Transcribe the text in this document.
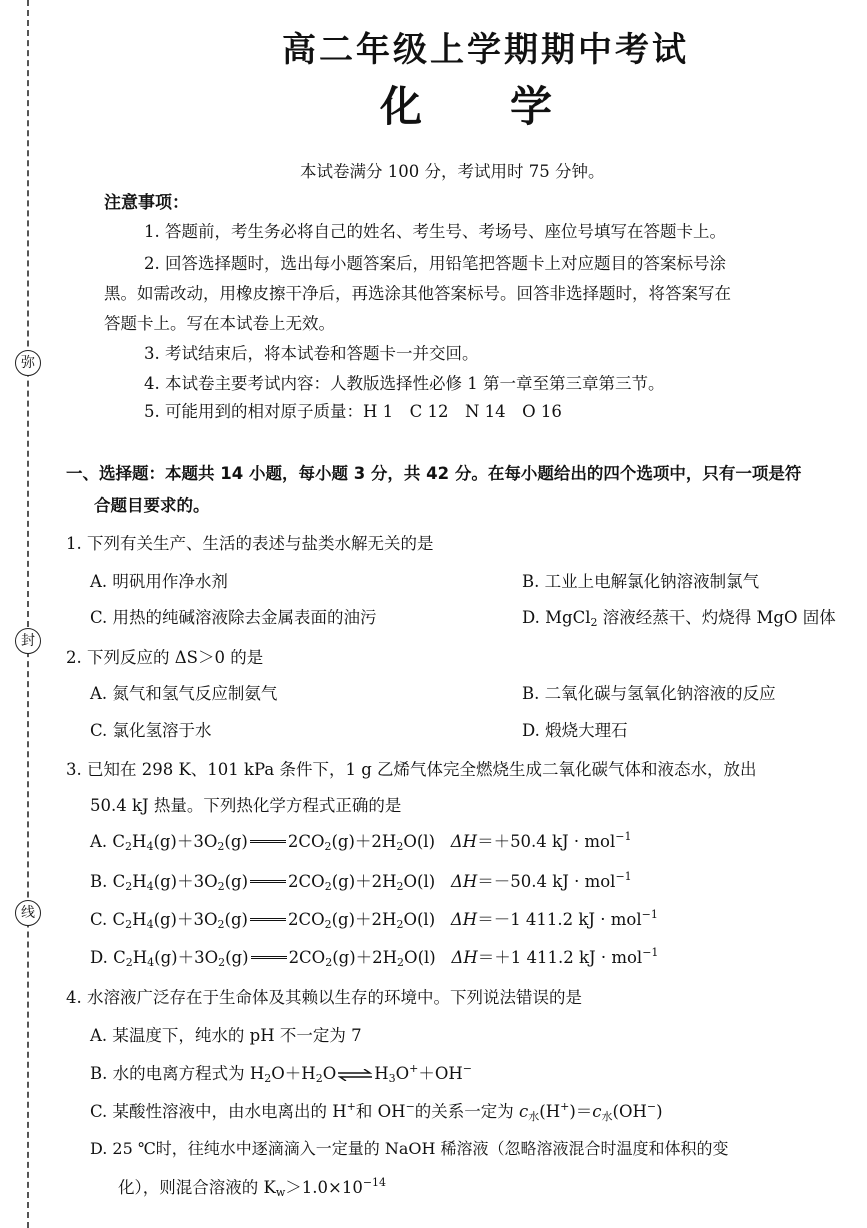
弥
封
线
高二年级上学期期中考试
化 学
本试卷满分 100 分，考试用时 75 分钟。
注意事项：
1. 答题前，考生务必将自己的姓名、考生号、考场号、座位号填写在答题卡上。
2. 回答选择题时，选出每小题答案后，用铅笔把答题卡上对应题目的答案标号涂
黑。如需改动，用橡皮擦干净后，再选涂其他答案标号。回答非选择题时，将答案写在
答题卡上。写在本试卷上无效。
3. 考试结束后，将本试卷和答题卡一并交回。
4. 本试卷主要考试内容：人教版选择性必修 1 第一章至第三章第三节。
5. 可能用到的相对原子质量：H 1　C 12　N 14　O 16
一、选择题：本题共 14 小题，每小题 3 分，共 42 分。在每小题给出的四个选项中，只有一项是符
合题目要求的。
1. 下列有关生产、生活的表述与盐类水解无关的是
A. 明矾用作净水剂	B. 工业上电解氯化钠溶液制氯气
C. 用热的纯碱溶液除去金属表面的油污	D. MgCl$_2$ 溶液经蒸干、灼烧得 MgO 固体
2. 下列反应的 ΔS＞0 的是
A. 氮气和氢气反应制氨气	B. 二氧化碳与氢氧化钠溶液的反应
C. 氯化氢溶于水	D. 煅烧大理石
3. 已知在 298 K、101 kPa 条件下，1 g 乙烯气体完全燃烧生成二氧化碳气体和液态水，放出
50.4 kJ 热量。下列热化学方程式正确的是
A. $C_2H_4(g)+3O_2(g)$ $2CO_2(g)+2H_2O(l)$   ΔH＝＋50.4 kJ · mol$^{-1}$
B. $C_2H_4(g)+3O_2(g)$ $2CO_2(g)+2H_2O(l)$   ΔH＝－50.4 kJ · mol$^{-1}$
C. $C_2H_4(g)+3O_2(g)$ $2CO_2(g)+2H_2O(l)$   ΔH＝－1 411.2 kJ · mol$^{-1}$
D. $C_2H_4(g)+3O_2(g)$ $2CO_2(g)+2H_2O(l)$   ΔH＝＋1 411.2 kJ · mol$^{-1}$
4. 水溶液广泛存在于生命体及其赖以生存的环境中。下列说法错误的是
A. 某温度下，纯水的 pH 不一定为 7
B. 水的电离方程式为 $H_2O+H_2O$ ⇌ $H_3O^++OH^-$
C. 某酸性溶液中，由水电离出的 H+和 OH−的关系一定为 $c_水(H^+)=c_水(OH^-)$
D. 25 ℃时，往纯水中逐滴滴入一定量的 NaOH 稀溶液（忽略溶液混合时温度和体积的变
化），则混合溶液的 $K_w>1.0\times 10^{-14}$
